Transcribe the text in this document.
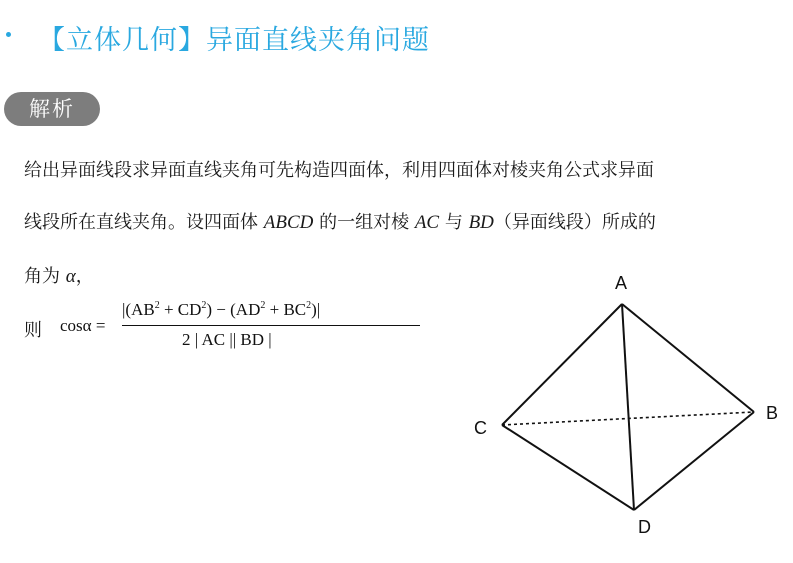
【立体几何】异面直线夹角问题
解析
给出异面线段求异面直线夹角可先构造四面体，利用四面体对棱夹角公式求异面
线段所在直线夹角。设四面体 ABCD 的一组对棱 AC 与 BD（异面线段）所成的
角为 α，
则 cosα =
$|(AB^2 + CD^2) - (AD^2 + BC^2)|$
2 | AC || BD |
A
B
C
D
